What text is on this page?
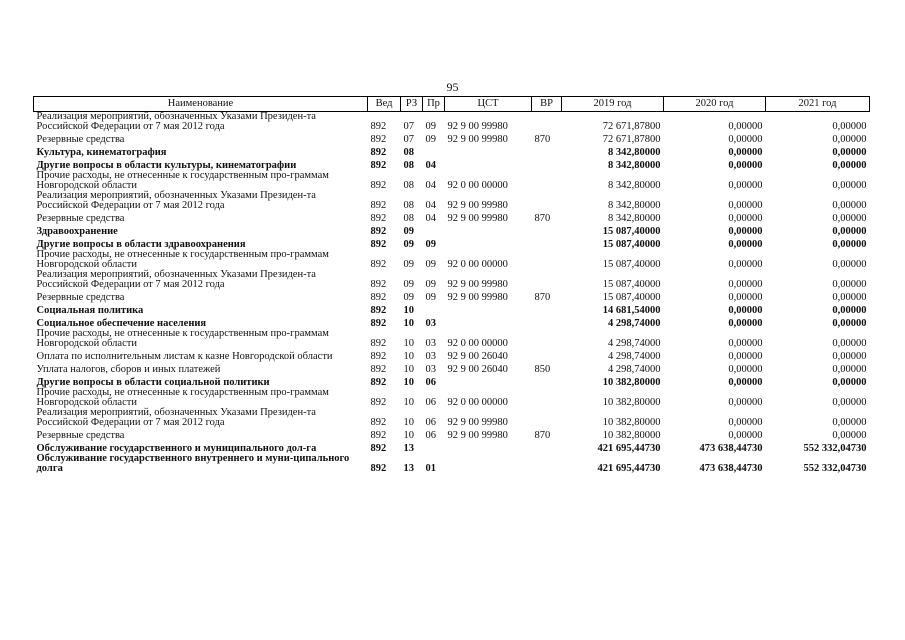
95
Наименование	Вед	РЗ	Пр	ЦСТ	ВР	2019 год	2020 год	2021 год
Реализация мероприятий, обозначенных Указами Президен-та Российской Федерации от 7 мая 2012 года	892	07	09	92 9 00 99980		72 671,87800	0,00000	0,00000
Резервные средства	892	07	09	92 9 00 99980	870	72 671,87800	0,00000	0,00000
Культура, кинематография	892	08				8 342,80000	0,00000	0,00000
Другие вопросы в области культуры, кинематографии	892	08	04			8 342,80000	0,00000	0,00000
Прочие расходы, не отнесенные к государственным про-граммам Новгородской области	892	08	04	92 0 00 00000		8 342,80000	0,00000	0,00000
Реализация мероприятий, обозначенных Указами Президен-та Российской Федерации от 7 мая 2012 года	892	08	04	92 9 00 99980		8 342,80000	0,00000	0,00000
Резервные средства	892	08	04	92 9 00 99980	870	8 342,80000	0,00000	0,00000
Здравоохранение	892	09				15 087,40000	0,00000	0,00000
Другие вопросы в области здравоохранения	892	09	09			15 087,40000	0,00000	0,00000
Прочие расходы, не отнесенные к государственным про-граммам Новгородской области	892	09	09	92 0 00 00000		15 087,40000	0,00000	0,00000
Реализация мероприятий, обозначенных Указами Президен-та Российской Федерации от 7 мая 2012 года	892	09	09	92 9 00 99980		15 087,40000	0,00000	0,00000
Резервные средства	892	09	09	92 9 00 99980	870	15 087,40000	0,00000	0,00000
Социальная политика	892	10				14 681,54000	0,00000	0,00000
Социальное обеспечение населения	892	10	03			4 298,74000	0,00000	0,00000
Прочие расходы, не отнесенные к государственным про-граммам Новгородской области	892	10	03	92 0 00 00000		4 298,74000	0,00000	0,00000
Оплата по исполнительным листам к казне Новгородской области	892	10	03	92 9 00 26040		4 298,74000	0,00000	0,00000
Уплата налогов, сборов и иных платежей	892	10	03	92 9 00 26040	850	4 298,74000	0,00000	0,00000
Другие вопросы в области социальной политики	892	10	06			10 382,80000	0,00000	0,00000
Прочие расходы, не отнесенные к государственным про-граммам Новгородской области	892	10	06	92 0 00 00000		10 382,80000	0,00000	0,00000
Реализация мероприятий, обозначенных Указами Президен-та Российской Федерации от 7 мая 2012 года	892	10	06	92 9 00 99980		10 382,80000	0,00000	0,00000
Резервные средства	892	10	06	92 9 00 99980	870	10 382,80000	0,00000	0,00000
Обслуживание государственного и муниципального дол-га	892	13				421 695,44730	473 638,44730	552 332,04730
Обслуживание государственного внутреннего и муни-ципального долга	892	13	01			421 695,44730	473 638,44730	552 332,04730
